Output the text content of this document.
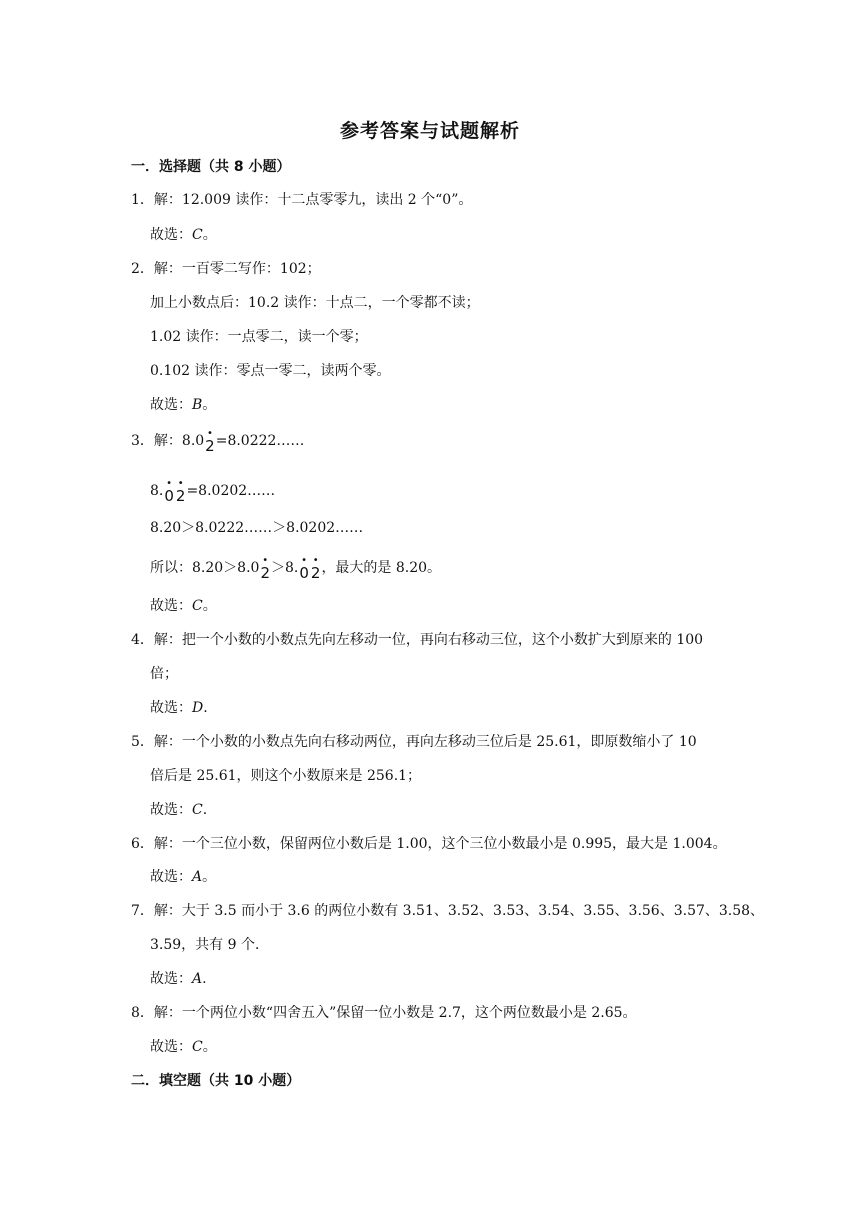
参考答案与试题解析
一．选择题（共 8 小题）
1．解：12.009 读作：十二点零零九，读出 2 个“0”。
故选：C。
2．解：一百零二写作：102；
加上小数点后：10.2 读作：十点二，一个零都不读；
1.02 读作：一点零二，读一个零；
0.102 读作：零点一零二，读两个零。
故选：B。
3．解：8.0• 2=8.0222……
8.• 0 • 2=8.0202……
8.20＞8.0222……＞8.0202……
所以：8.20＞8.0• 2＞8.• 0 • 2，最大的是 8.20。
故选：C。
4．解：把一个小数的小数点先向左移动一位，再向右移动三位，这个小数扩大到原来的 100
倍；
故选：D.
5．解：一个小数的小数点先向右移动两位，再向左移动三位后是 25.61，即原数缩小了 10
倍后是 25.61，则这个小数原来是 256.1；
故选：C.
6．解：一个三位小数，保留两位小数后是 1.00，这个三位小数最小是 0.995，最大是 1.004。
故选：A。
7．解：大于 3.5 而小于 3.6 的两位小数有 3.51、3.52、3.53、3.54、3.55、3.56、3.57、3.58、
3.59，共有 9 个．
故选：A.
8．解：一个两位小数“四舍五入”保留一位小数是 2.7，这个两位数最小是 2.65。
故选：C。
二．填空题（共 10 小题）
